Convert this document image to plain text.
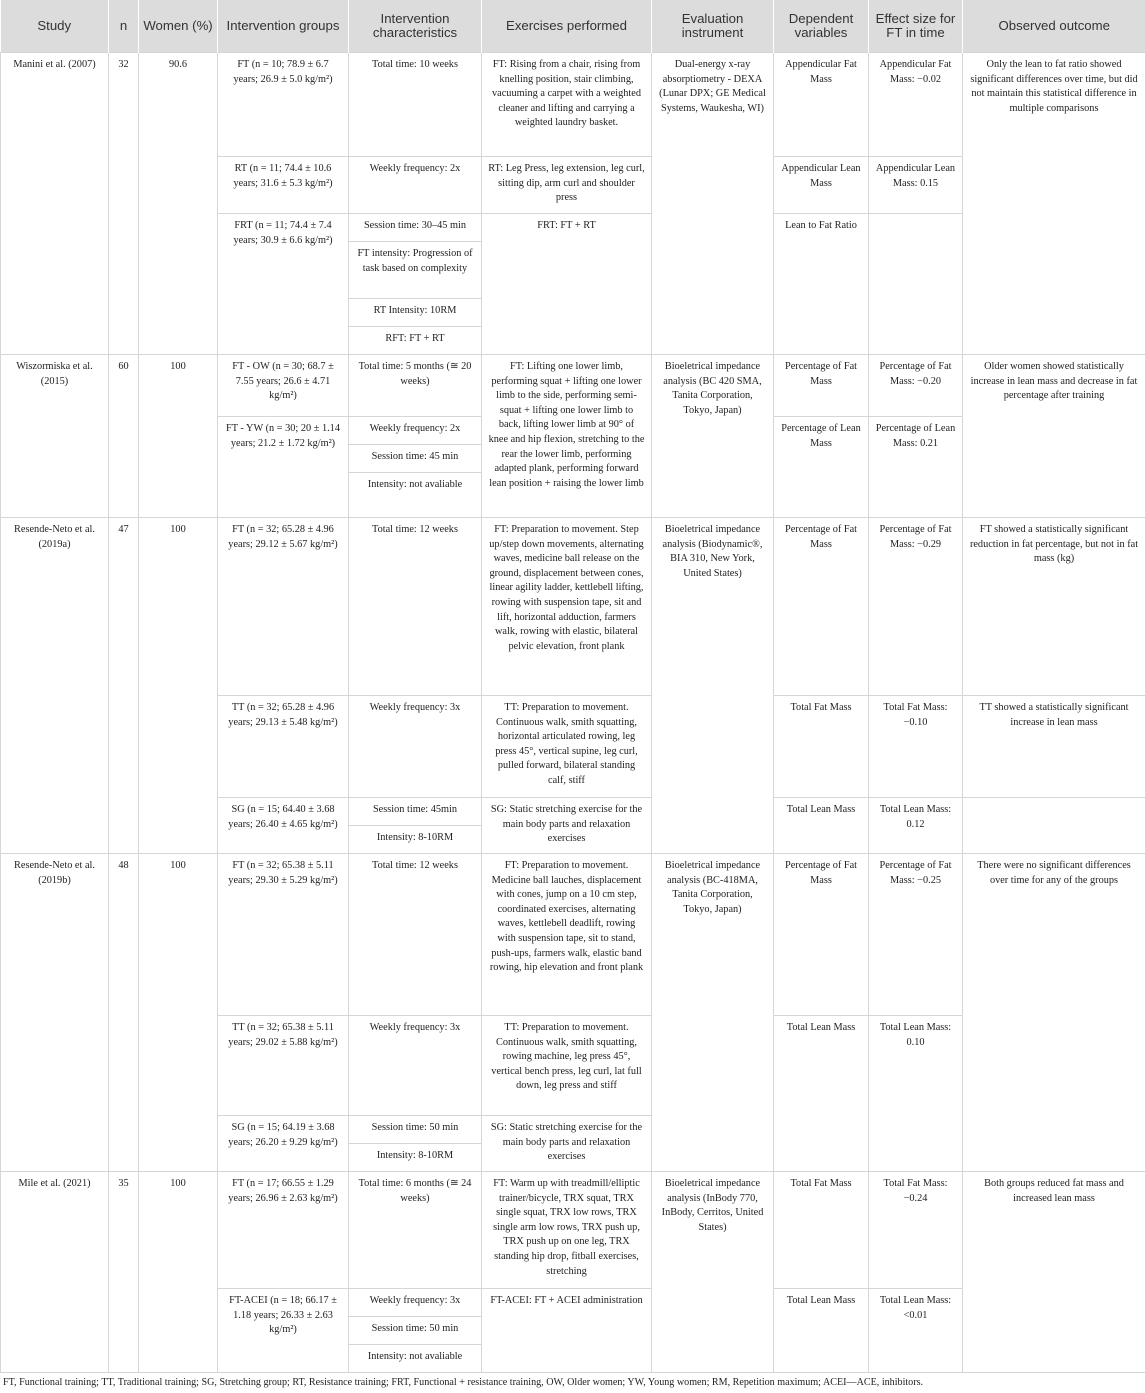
Study	n	Women (%)	Intervention groups	Intervention characteristics	Exercises performed	Evaluation instrument	Dependent variables	Effect size for FT in time	Observed outcome
Manini et al. (2007)	32	90.6	FT (n = 10; 78.9 ± 6.7 years; 26.9 ± 5.0 kg/m²)	Total time: 10 weeks	FT: Rising from a chair, rising from knelling position, stair climbing, vacuuming a carpet with a weighted cleaner and lifting and carrying a weighted laundry basket.	Dual-energy x-ray absorptiometry - DEXA (Lunar DPX; GE Medical Systems, Waukesha, WI)	Appendicular Fat Mass	Appendicular Fat Mass: −0.02	Only the lean to fat ratio showed significant differences over time, but did not maintain this statistical difference in multiple comparisons
			RT (n = 11; 74.4 ± 10.6 years; 31.6 ± 5.3 kg/m²)	Weekly frequency: 2x	RT: Leg Press, leg extension, leg curl, sitting dip, arm curl and shoulder press		Appendicular Lean Mass	Appendicular Lean Mass: 0.15	
			FRT (n = 11; 74.4 ± 7.4 years; 30.9 ± 6.6 kg/m²)	Session time: 30–45 min	FRT: FT + RT		Lean to Fat Ratio		
				FT intensity: Progression of task based on complexity					
				RT Intensity: 10RM					
				RFT: FT + RT					
Wiszormiska et al. (2015)	60	100	FT - OW (n = 30; 68.7 ± 7.55 years; 26.6 ± 4.71 kg/m²)	Total time: 5 months (≅ 20 weeks)	FT: Lifting one lower limb, performing squat + lifting one lower limb to the side, performing semi-squat + lifting one lower limb to back, lifting lower limb at 90° of knee and hip flexion, stretching to the rear the lower limb, performing adapted plank, performing forward lean position + raising the lower limb	Bioeletrical impedance analysis (BC 420 SMA, Tanita Corporation, Tokyo, Japan)	Percentage of Fat Mass	Percentage of Fat Mass: −0.20	Older women showed statistically increase in lean mass and decrease in fat percentage after training
			FT - YW (n = 30; 20 ± 1.14 years; 21.2 ± 1.72 kg/m²)	Weekly frequency: 2x			Percentage of Lean Mass	Percentage of Lean Mass: 0.21	
				Session time: 45 min					
				Intensity: not avaliable					
Resende-Neto et al. (2019a)	47	100	FT (n = 32; 65.28 ± 4.96 years; 29.12 ± 5.67 kg/m²)	Total time: 12 weeks	FT: Preparation to movement. Step up/step down movements, alternating waves, medicine ball release on the ground, displacement between cones, linear agility ladder, kettlebell lifting, rowing with suspension tape, sit and lift, horizontal adduction, farmers walk, rowing with elastic, bilateral pelvic elevation, front plank	Bioeletrical impedance analysis (Biodynamic®, BIA 310, New York, United States)	Percentage of Fat Mass	Percentage of Fat Mass: −0.29	FT showed a statistically significant reduction in fat percentage, but not in fat mass (kg)
			TT (n = 32; 65.28 ± 4.96 years; 29.13 ± 5.48 kg/m²)	Weekly frequency: 3x	TT: Preparation to movement. Continuous walk, smith squatting, horizontal articulated rowing, leg press 45°, vertical supine, leg curl, pulled forward, bilateral standing calf, stiff		Total Fat Mass	Total Fat Mass: −0.10	TT showed a statistically significant increase in lean mass
			SG (n = 15; 64.40 ± 3.68 years; 26.40 ± 4.65 kg/m²)	Session time: 45min	SG: Static stretching exercise for the main body parts and relaxation exercises		Total Lean Mass	Total Lean Mass: 0.12	
				Intensity: 8-10RM					
Resende-Neto et al. (2019b)	48	100	FT (n = 32; 65.38 ± 5.11 years; 29.30 ± 5.29 kg/m²)	Total time: 12 weeks	FT: Preparation to movement. Medicine ball lauches, displacement with cones, jump on a 10 cm step, coordinated exercises, alternating waves, kettlebell deadlift, rowing with suspension tape, sit to stand, push-ups, farmers walk, elastic band rowing, hip elevation and front plank	Bioeletrical impedance analysis (BC-418MA, Tanita Corporation, Tokyo, Japan)	Percentage of Fat Mass	Percentage of Fat Mass: −0.25	There were no significant differences over time for any of the groups
			TT (n = 32; 65.38 ± 5.11 years; 29.02 ± 5.88 kg/m²)	Weekly frequency: 3x	TT: Preparation to movement. Continuous walk, smith squatting, rowing machine, leg press 45°, vertical bench press, leg curl, lat full down, leg press and stiff		Total Lean Mass	Total Lean Mass: 0.10	
			SG (n = 15; 64.19 ± 3.68 years; 26.20 ± 9.29 kg/m²)	Session time: 50 min	SG: Static stretching exercise for the main body parts and relaxation exercises				
				Intensity: 8-10RM					
Mile et al. (2021)	35	100	FT (n = 17; 66.55 ± 1.29 years; 26.96 ± 2.63 kg/m²)	Total time: 6 months (≅ 24 weeks)	FT: Warm up with treadmill/elliptic trainer/bicycle, TRX squat, TRX single squat, TRX low rows, TRX single arm low rows, TRX push up, TRX push up on one leg, TRX standing hip drop, fitball exercises, stretching	Bioeletrical impedance analysis (InBody 770, InBody, Cerritos, United States)	Total Fat Mass	Total Fat Mass: −0.24	Both groups reduced fat mass and increased lean mass
			FT-ACEI (n = 18; 66.17 ± 1.18 years; 26.33 ± 2.63 kg/m²)	Weekly frequency: 3x	FT-ACEI: FT + ACEI administration		Total Lean Mass	Total Lean Mass: <0.01	
				Session time: 50 min					
				Intensity: not avaliable					
FT, Functional training; TT, Traditional training; SG, Stretching group; RT, Resistance training; FRT, Functional + resistance training, OW, Older women; YW, Young women; RM, Repetition maximum; ACEI—ACE, inhibitors.
